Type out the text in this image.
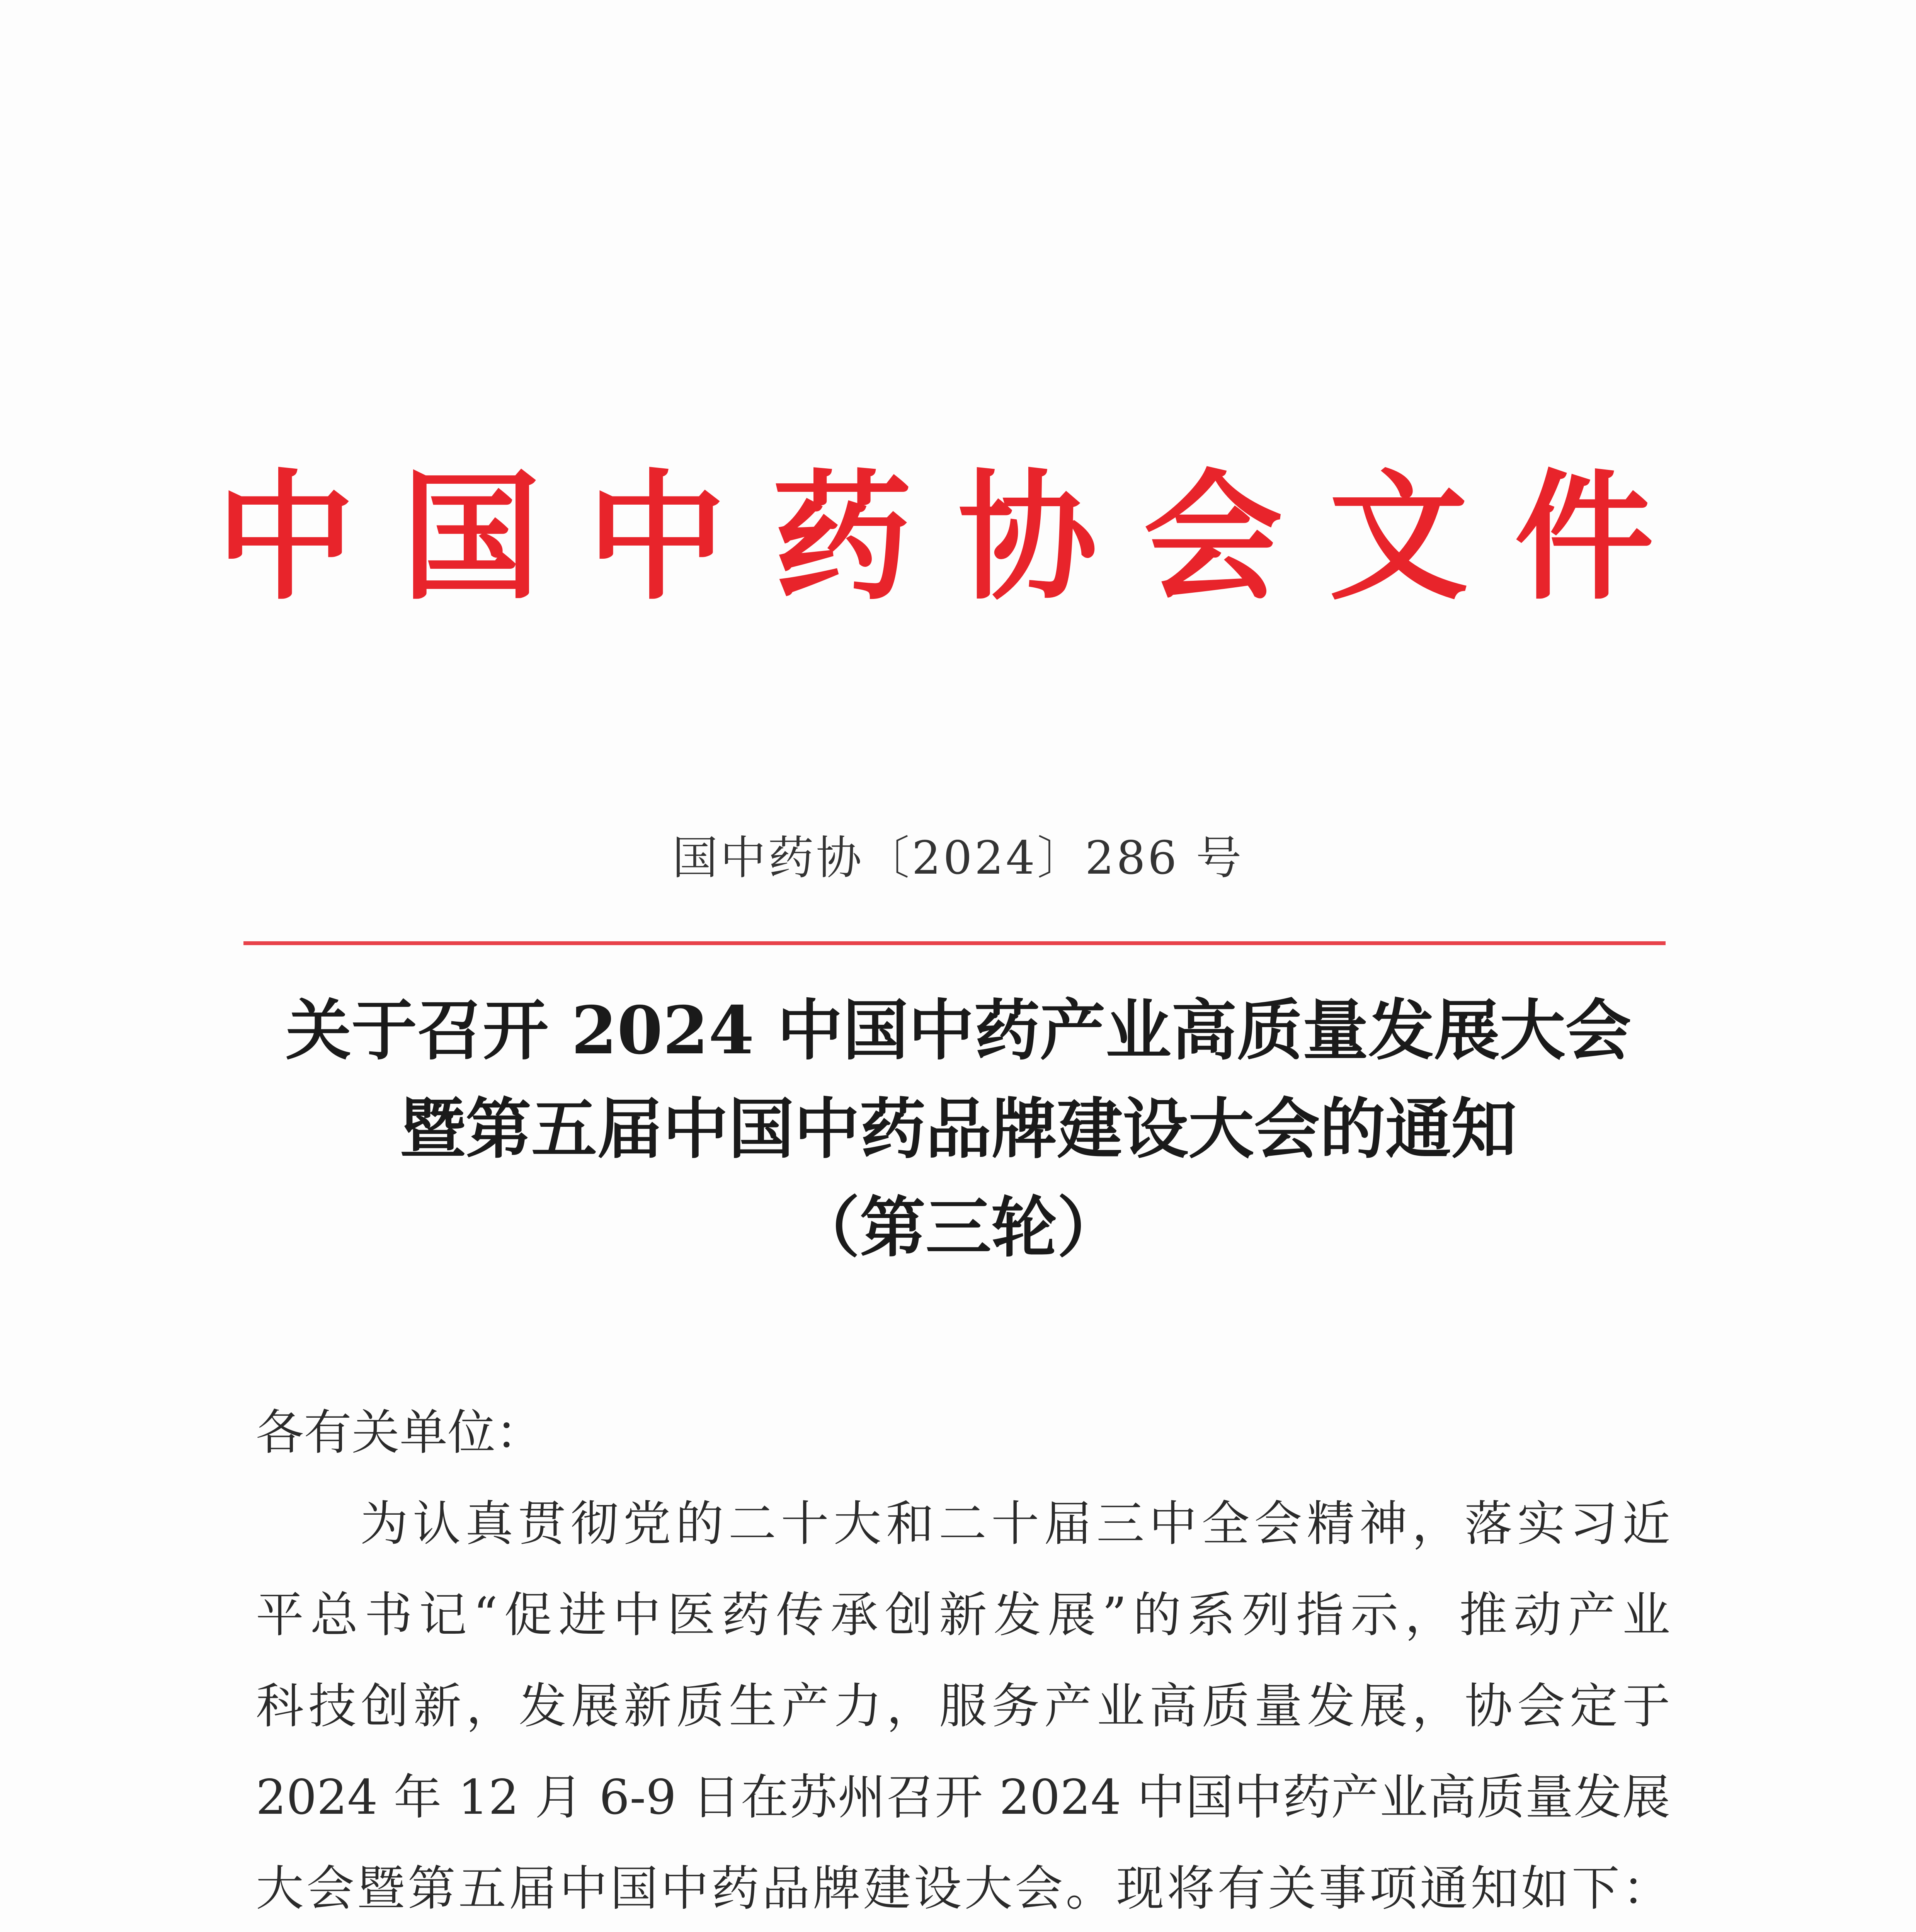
中国中药协会文件
国中药协〔2024〕286 号
关于召开 2024 中国中药产业高质量发展大会
暨第五届中国中药品牌建设大会的通知
（第三轮）
各有关单位：
为认真贯彻党的二十大和二十届三中全会精神，落实习近
平总书记“促进中医药传承创新发展”的系列指示，推动产业
科技创新，发展新质生产力，服务产业高质量发展，协会定于
2024 年 12 月 6-9 日在苏州召开 2024 中国中药产业高质量发展
大会暨第五届中国中药品牌建设大会。现将有关事项通知如下：
